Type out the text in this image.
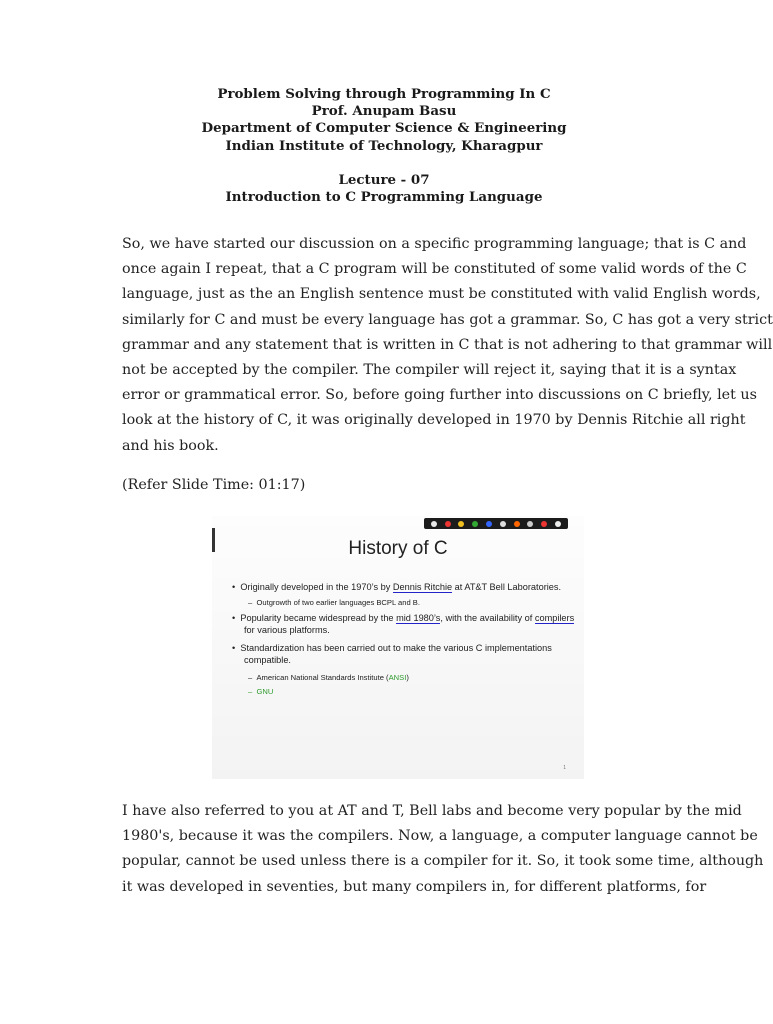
Problem Solving through Programming In C
Prof. Anupam Basu
Department of Computer Science & Engineering
Indian Institute of Technology, Kharagpur
Lecture - 07
Introduction to C Programming Language
So, we have started our discussion on a specific programming language; that is C and
once again I repeat, that a C program will be constituted of some valid words of the C
language, just as the an English sentence must be constituted with valid English words,
similarly for C and must be every language has got a grammar. So, C has got a very strict
grammar and any statement that is written in C that is not adhering to that grammar will
not be accepted by the compiler. The compiler will reject it, saying that it is a syntax
error or grammatical error. So, before going further into discussions on C briefly, let us
look at the history of C, it was originally developed in 1970 by Dennis Ritchie all right
and his book.
(Refer Slide Time: 01:17)
History of C
• Originally developed in the 1970’s by Dennis Ritchie at AT&T Bell Laboratories.
– Outgrowth of two earlier languages BCPL and B.
• Popularity became widespread by the mid 1980’s, with the availability of compilers
for various platforms.
• Standardization has been carried out to make the various C implementations
compatible.
– American National Standards Institute (ANSI)
– GNU
1
I have also referred to you at AT and T, Bell labs and become very popular by the mid
1980's, because it was the compilers. Now, a language, a computer language cannot be
popular, cannot be used unless there is a compiler for it. So, it took some time, although
it was developed in seventies, but many compilers in, for different platforms, for
